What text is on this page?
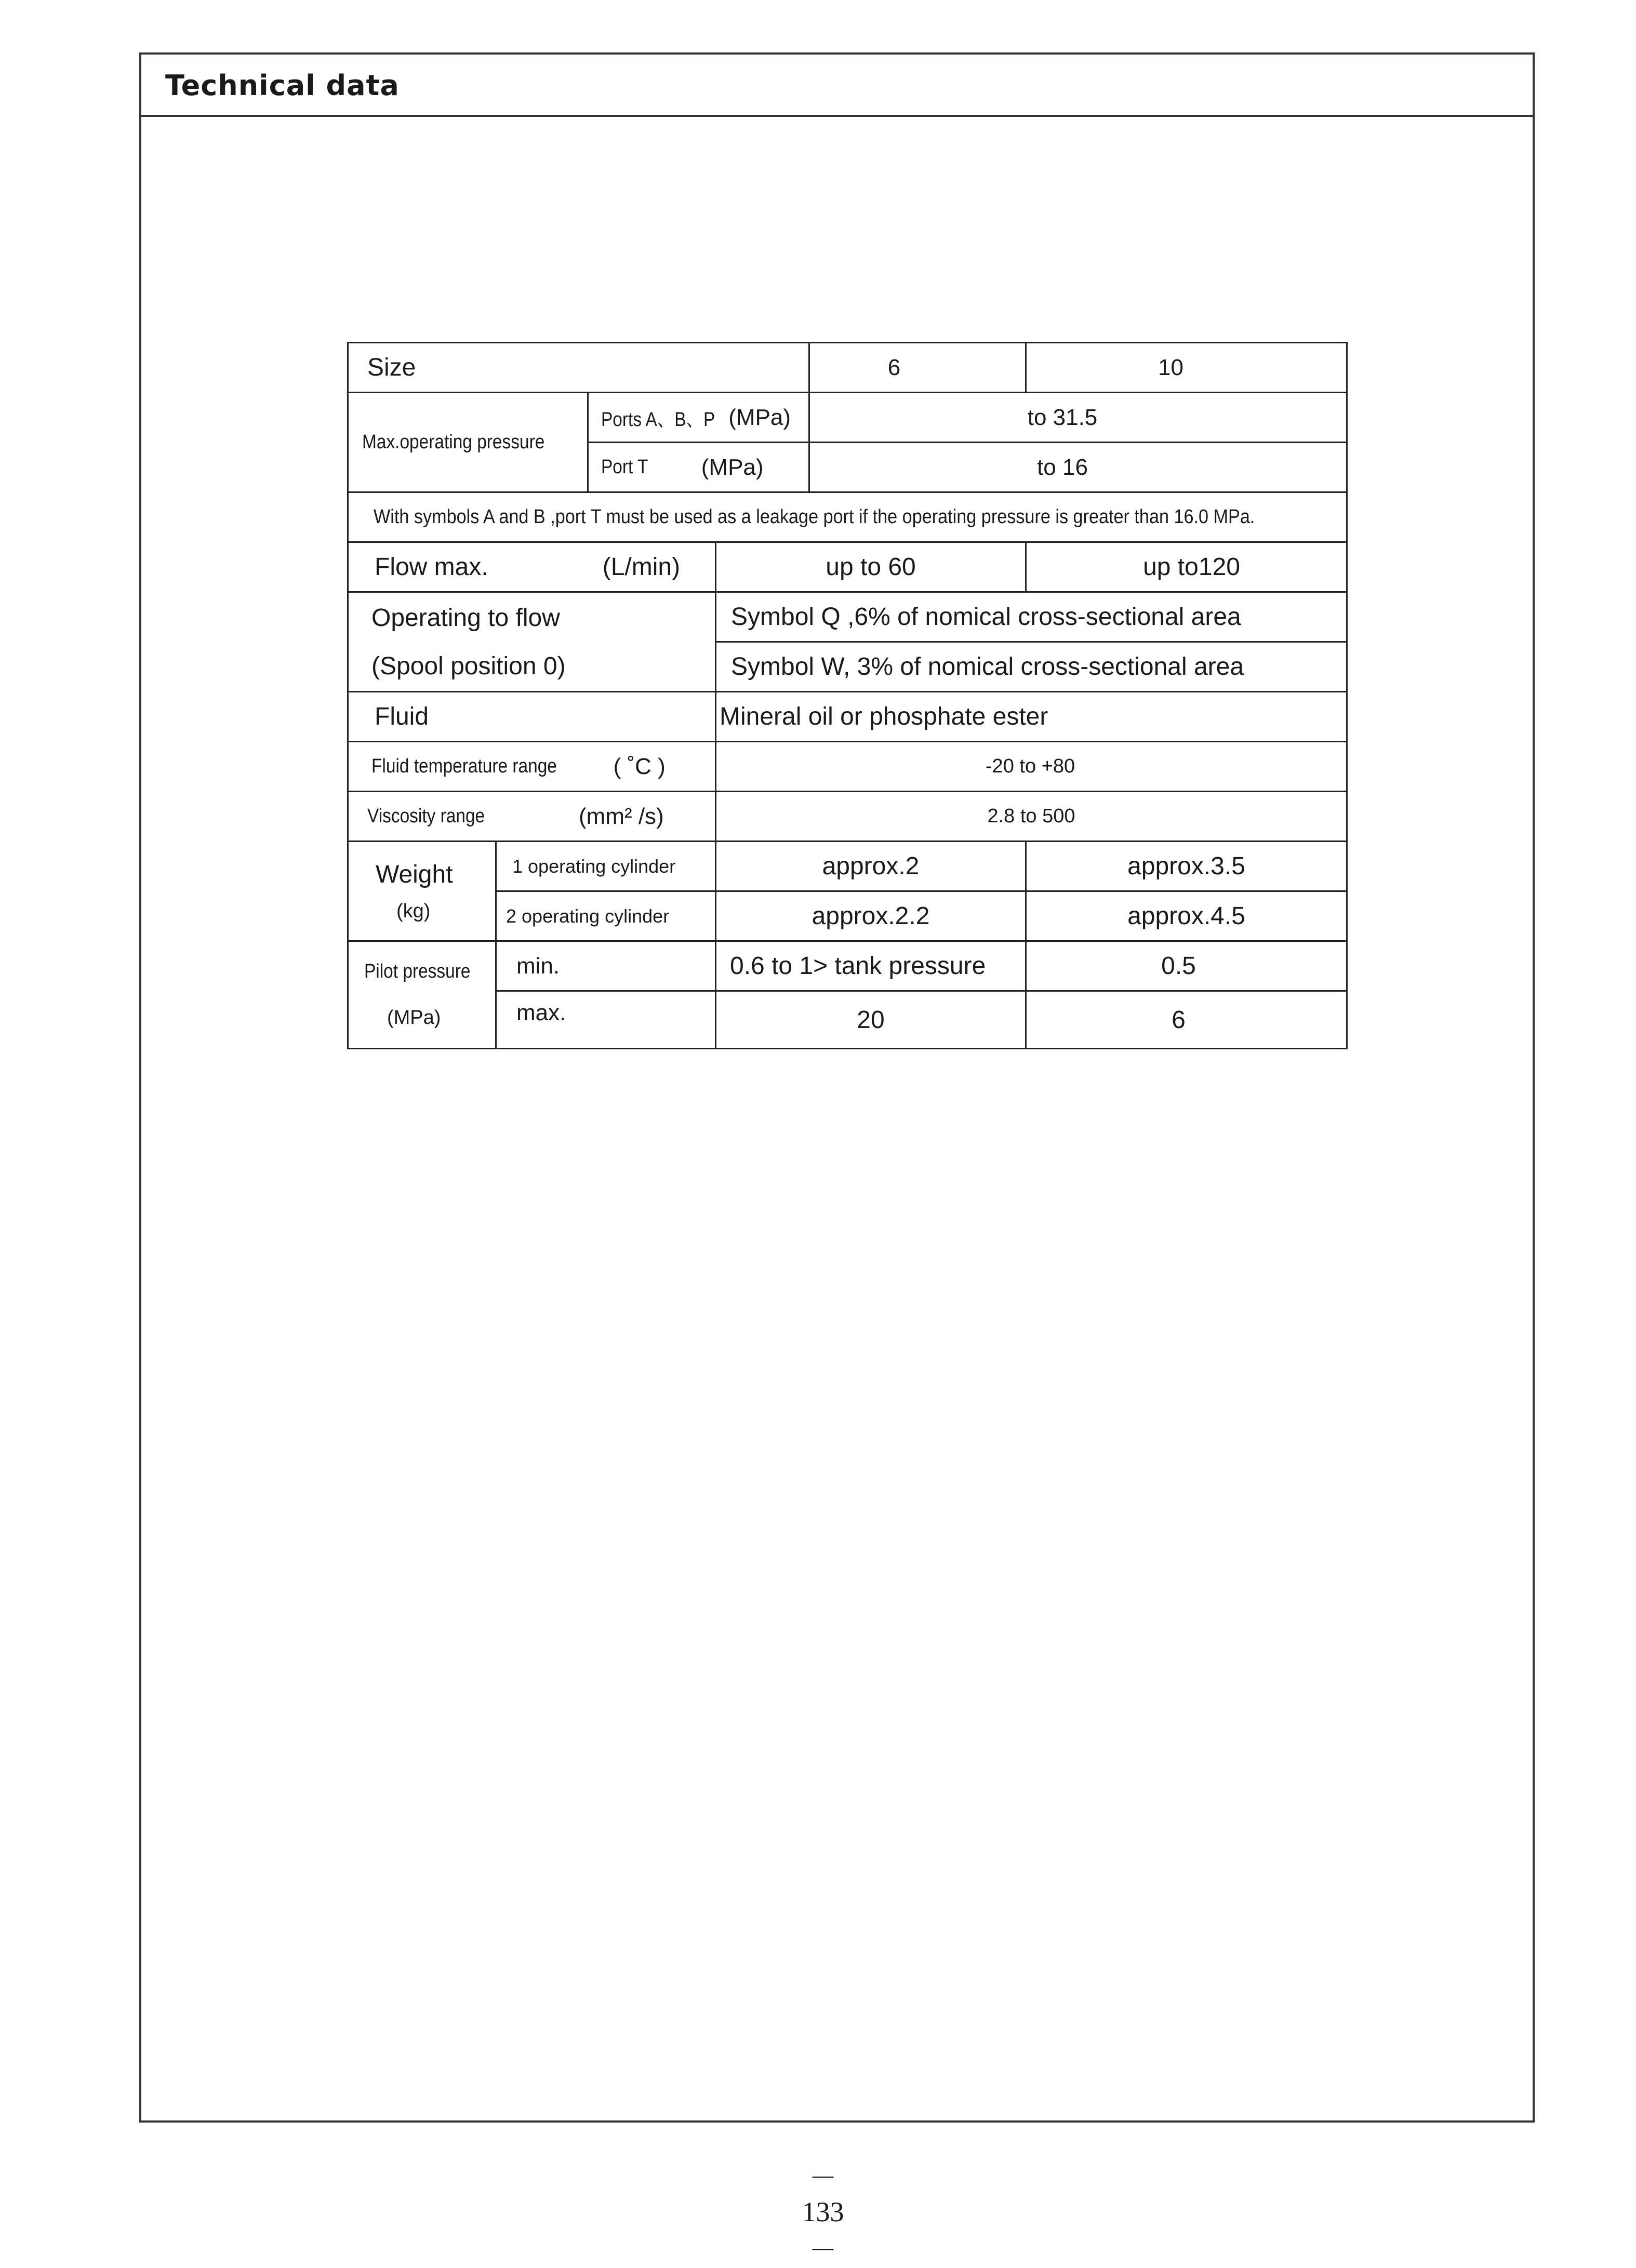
Technical data
Size	6	10
Max.operating pressure
Ports A、B、P (MPa)	to 31.5
Port T (MPa)	to 16
With symbols A and B ,port T must be used as a leakage port if the operating pressure is greater than 16.0 MPa.
Flow max.	(L/min)	up to 60	up to120
Operating to flow
(Spool position 0)
Symbol Q ,6% of nomical cross-sectional area
Symbol W, 3% of nomical cross-sectional area
Fluid	Mineral oil or phosphate ester
Fluid temperature range ( ˚C )	-20 to +80
Viscosity range	(mm² /s)	2.8 to 500
Weight
(kg)
1 operating cylinder	approx.2	approx.3.5
2 operating cylinder	approx.2.2	approx.4.5
Pilot pressure
(MPa)
min.	0.6 to 1> tank pressure	0.5
max.	20	6
－133－
